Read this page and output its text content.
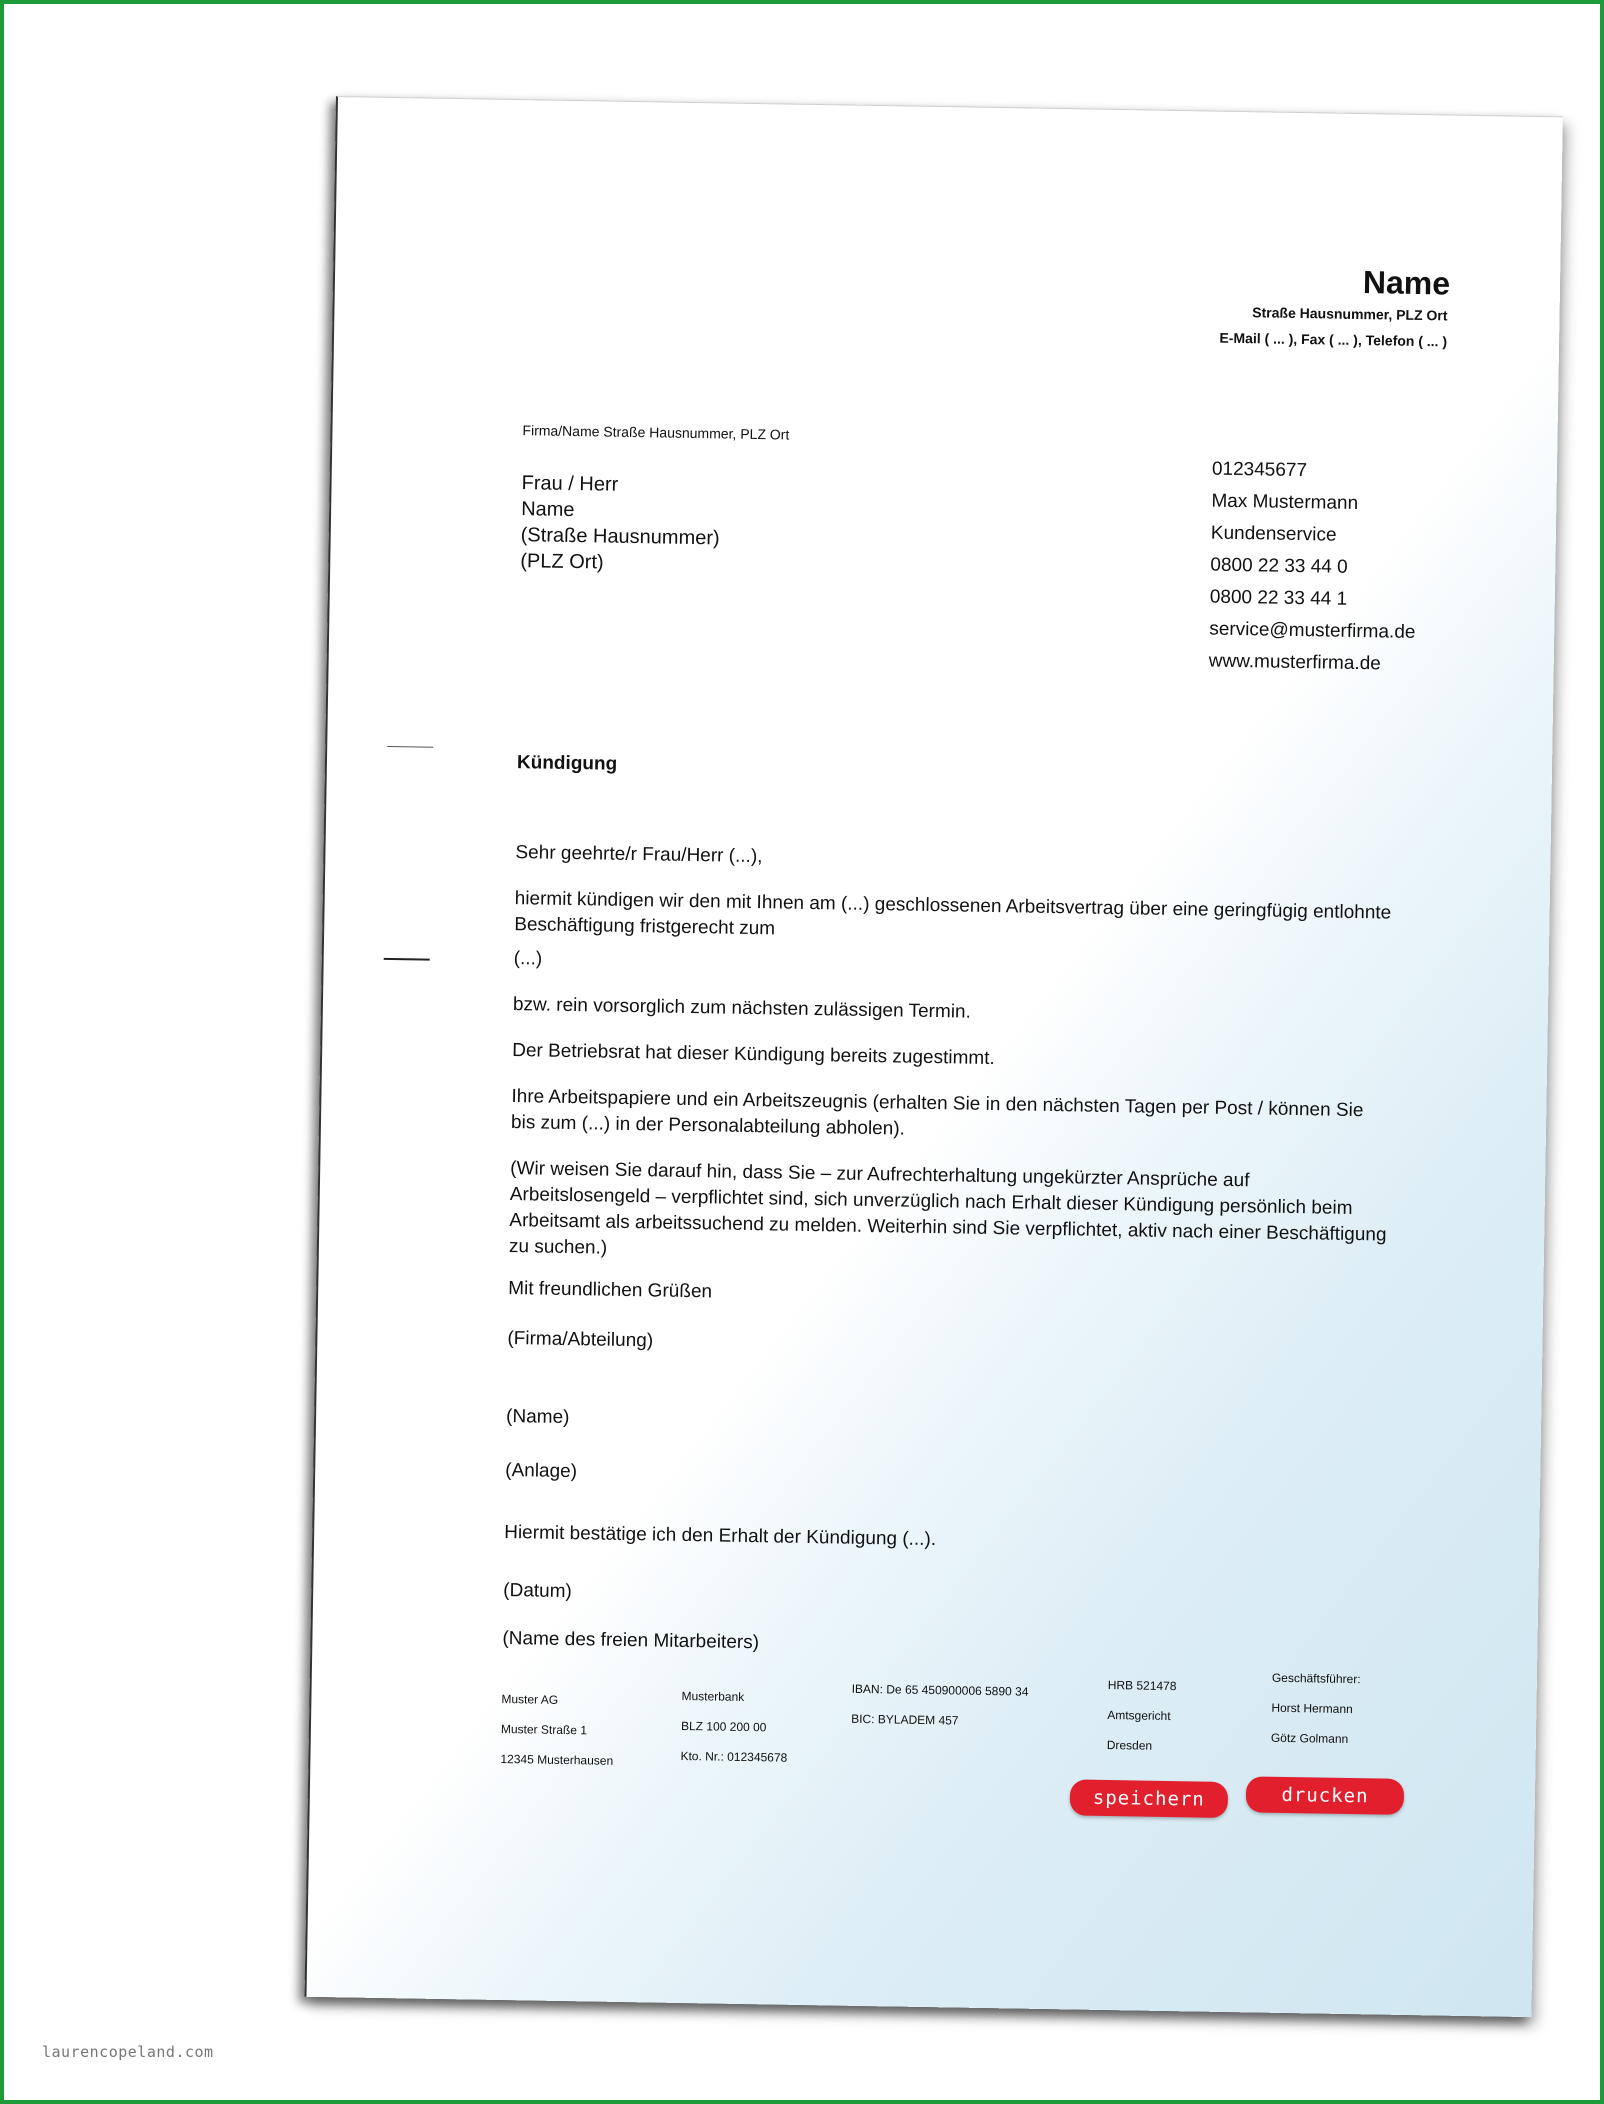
Name
Straße Hausnummer, PLZ Ort
E-Mail ( ... ), Fax ( ... ), Telefon ( ... )
Firma/Name Straße Hausnummer, PLZ Ort
Frau / Herr
Name
(Straße Hausnummer)
(PLZ Ort)
012345677
Max Mustermann
Kundenservice
0800 22 33 44 0
0800 22 33 44 1
service@musterfirma.de
www.musterfirma.de
Kündigung
Sehr geehrte/r Frau/Herr (...),
hiermit kündigen wir den mit Ihnen am (...) geschlossenen Arbeitsvertrag über eine geringfügig entlohnte Beschäftigung fristgerecht zum
(...)
bzw. rein vorsorglich zum nächsten zulässigen Termin.
Der Betriebsrat hat dieser Kündigung bereits zugestimmt.
Ihre Arbeitspapiere und ein Arbeitszeugnis (erhalten Sie in den nächsten Tagen per Post / können Sie bis zum (...) in der Personalabteilung abholen).
(Wir weisen Sie darauf hin, dass Sie – zur Aufrechterhaltung ungekürzter Ansprüche auf Arbeitslosengeld – verpflichtet sind, sich unverzüglich nach Erhalt dieser Kündigung persönlich beim Arbeitsamt als arbeitssuchend zu melden. Weiterhin sind Sie verpflichtet, aktiv nach einer Beschäftigung zu suchen.)
Mit freundlichen Grüßen
(Firma/Abteilung)
(Name)
(Anlage)
Hiermit bestätige ich den Erhalt der Kündigung (...).
(Datum)
(Name des freien Mitarbeiters)
Muster AG
Muster Straße 1
12345 Musterhausen
Musterbank
BLZ 100 200 00
Kto. Nr.: 012345678
IBAN: De 65 450900006 5890 34
BIC: BYLADEM 457
HRB 521478
Amtsgericht
Dresden
Geschäftsführer:
Horst Hermann
Götz Golmann
speichern	drucken
laurencopeland.com
